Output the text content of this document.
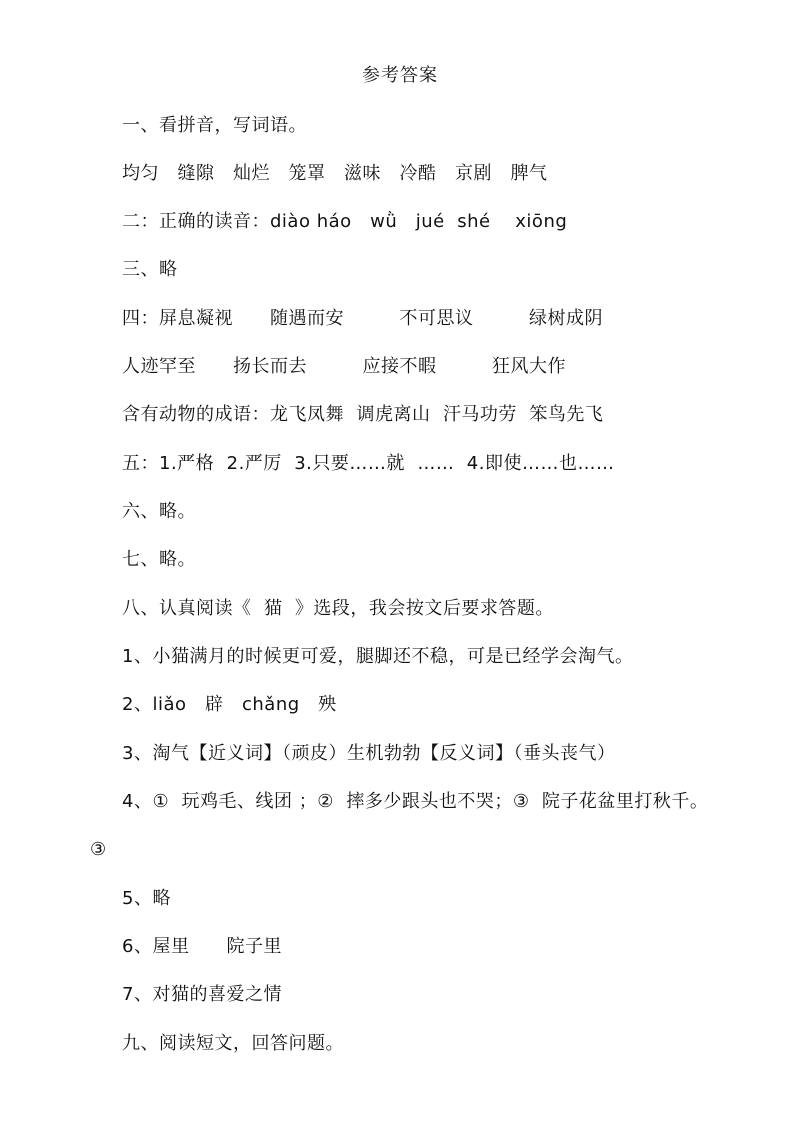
参考答案
一、看拼音，写词语。
均匀　缝隙　灿烂　笼罩　滋味　冷酷　京剧　脾气
二：正确的读音：diào háo　wǜ　jué  shé　 xiōng
三、略
四：屏息凝视　　随遇而安　　　不可思议　　　绿树成阴
人迹罕至　　扬长而去　　　应接不暇　　　狂风大作
含有动物的成语：龙飞凤舞  调虎离山  汗马功劳  笨鸟先飞
五：1.严格  2.严厉  3.只要……就  ……  4.即使……也……
六、略。
七、略。
八、认真阅读《  猫  》选段，我会按文后要求答题。
1、小猫满月的时候更可爱，腿脚还不稳，可是已经学会淘气。
2、liǎo　辟　chǎng　殃
3、淘气【近义词】（顽皮）生机勃勃【反义词】（垂头丧气）
4、①  玩鸡毛、线团 ；②  摔多少跟头也不哭；③  院子花盆里打秋千。
③
5、略
6、屋里　　院子里
7、对猫的喜爱之情
九、阅读短文，回答问题。
